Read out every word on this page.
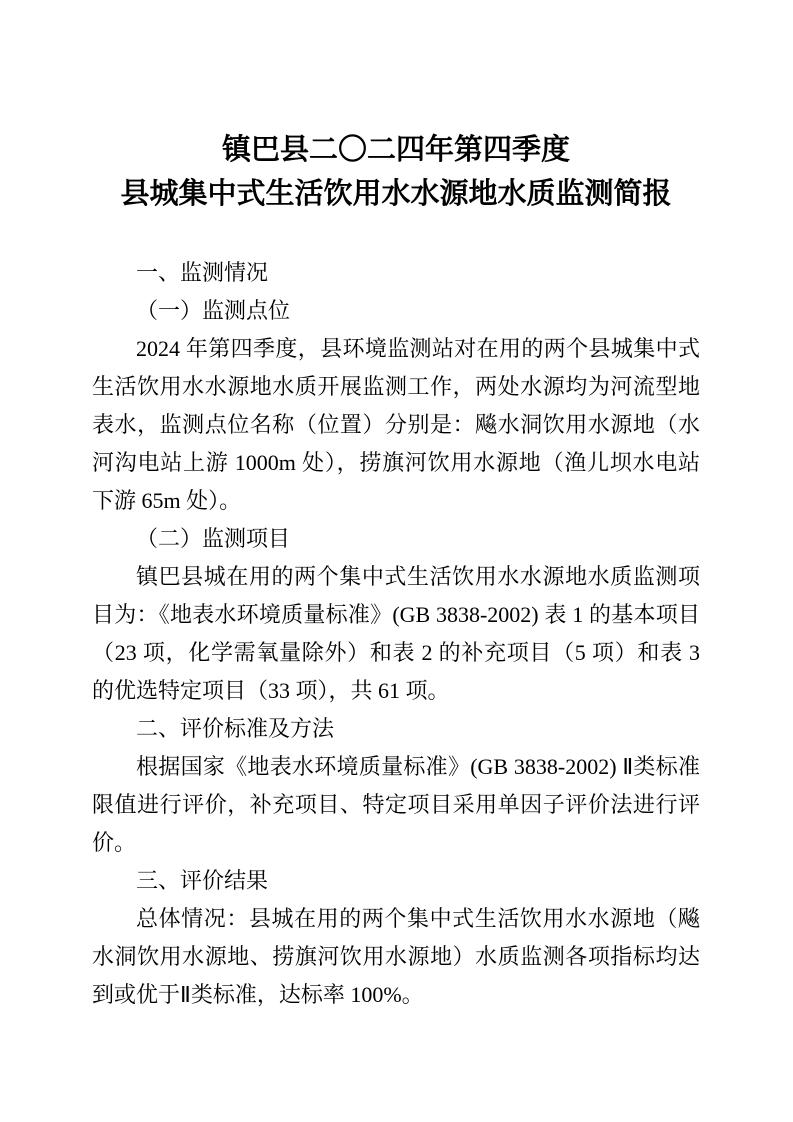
镇巴县二〇二四年第四季度
县城集中式生活饮用水水源地水质监测简报

一、监测情况

（一）监测点位

2024 年第四季度，县环境监测站对在用的两个县城集中式生活饮用水水源地水质开展监测工作，两处水源均为河流型地表水，监测点位名称（位置）分别是：飚水洞饮用水源地（水河沟电站上游 1000m 处），捞旗河饮用水源地（渔儿坝水电站下游 65m 处）。

（二）监测项目

镇巴县城在用的两个集中式生活饮用水水源地水质监测项目为：《地表水环境质量标准》(GB 3838-2002) 表 1 的基本项目（23 项，化学需氧量除外）和表 2 的补充项目（5 项）和表 3 的优选特定项目（33 项），共 61 项。

二、评价标准及方法

根据国家《地表水环境质量标准》(GB 3838-2002) Ⅱ类标准限值进行评价，补充项目、特定项目采用单因子评价法进行评价。

三、评价结果

总体情况：县城在用的两个集中式生活饮用水水源地（飚水洞饮用水源地、捞旗河饮用水源地）水质监测各项指标均达到或优于Ⅱ类标准，达标率 100%。
